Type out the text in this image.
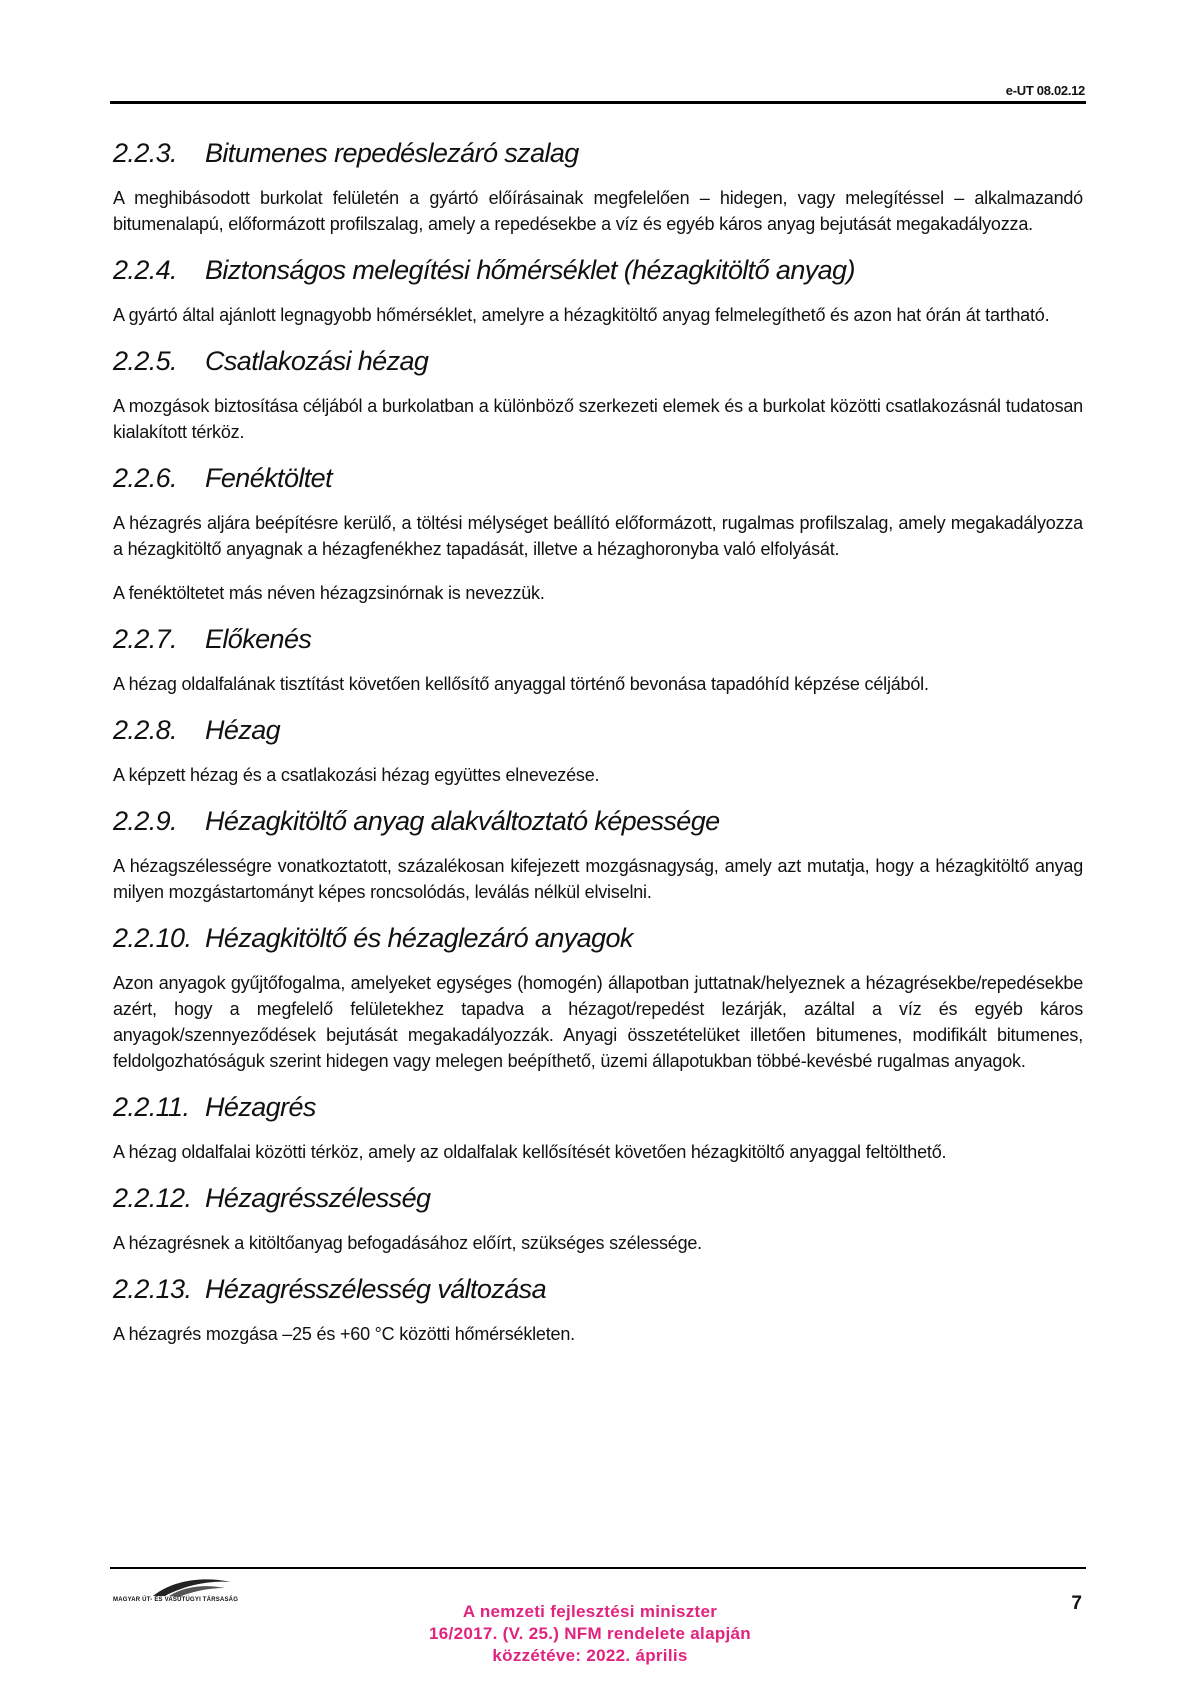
e-UT 08.02.12
2.2.3. Bitumenes repedéslezáró szalag

A meghibásodott burkolat felületén a gyártó előírásainak megfelelően – hidegen, vagy melegítéssel – alkalmazandó bitumenalapú, előformázott profilszalag, amely a repedésekbe a víz és egyéb káros anyag bejutását megakadályozza.

2.2.4. Biztonságos melegítési hőmérséklet (hézagkitöltő anyag)

A gyártó által ajánlott legnagyobb hőmérséklet, amelyre a hézagkitöltő anyag felmelegíthető és azon hat órán át tartható.

2.2.5. Csatlakozási hézag

A mozgások biztosítása céljából a burkolatban a különböző szerkezeti elemek és a burkolat közötti csatlakozásnál tudatosan kialakított térköz.

2.2.6. Fenéktöltet

A hézagrés aljára beépítésre kerülő, a töltési mélységet beállító előformázott, rugalmas profilszalag, amely megakadályozza a hézagkitöltő anyagnak a hézagfenékhez tapadását, illetve a hézaghoronyba való elfolyását.

A fenéktöltetet más néven hézagzsinórnak is nevezzük.

2.2.7. Előkenés

A hézag oldalfalának tisztítást követően kellősítő anyaggal történő bevonása tapadóhíd képzése céljából.

2.2.8. Hézag

A képzett hézag és a csatlakozási hézag együttes elnevezése.

2.2.9. Hézagkitöltő anyag alakváltoztató képessége

A hézagszélességre vonatkoztatott, százalékosan kifejezett mozgásnagyság, amely azt mutatja, hogy a hézagkitöltő anyag milyen mozgástartományt képes roncsolódás, leválás nélkül elviselni.

2.2.10. Hézagkitöltő és hézaglezáró anyagok

Azon anyagok gyűjtőfogalma, amelyeket egységes (homogén) állapotban juttatnak/helyeznek a hézagrésekbe/repedésekbe azért, hogy a megfelelő felületekhez tapadva a hézagot/repedést lezárják, azáltal a víz és egyéb káros anyagok/szennyeződések bejutását megakadályozzák. Anyagi összetételüket illetően bitumenes, modifikált bitumenes, feldolgozhatóságuk szerint hidegen vagy melegen beépíthető, üzemi állapotukban többé-kevésbé rugalmas anyagok.

2.2.11. Hézagrés

A hézag oldalfalai közötti térköz, amely az oldalfalak kellősítését követően hézagkitöltő anyaggal feltölthető.

2.2.12. Hézagrésszélesség

A hézagrésnek a kitöltőanyag befogadásához előírt, szükséges szélessége.

2.2.13. Hézagrésszélesség változása

A hézagrés mozgása –25 és +60 °C közötti hőmérsékleten.

MAGYAR ÚT- ÉS VASÚTÜGYI TÁRSASÁG	7
A nemzeti fejlesztési miniszter
16/2017. (V. 25.) NFM rendelete alapján
közzétéve: 2022. április
